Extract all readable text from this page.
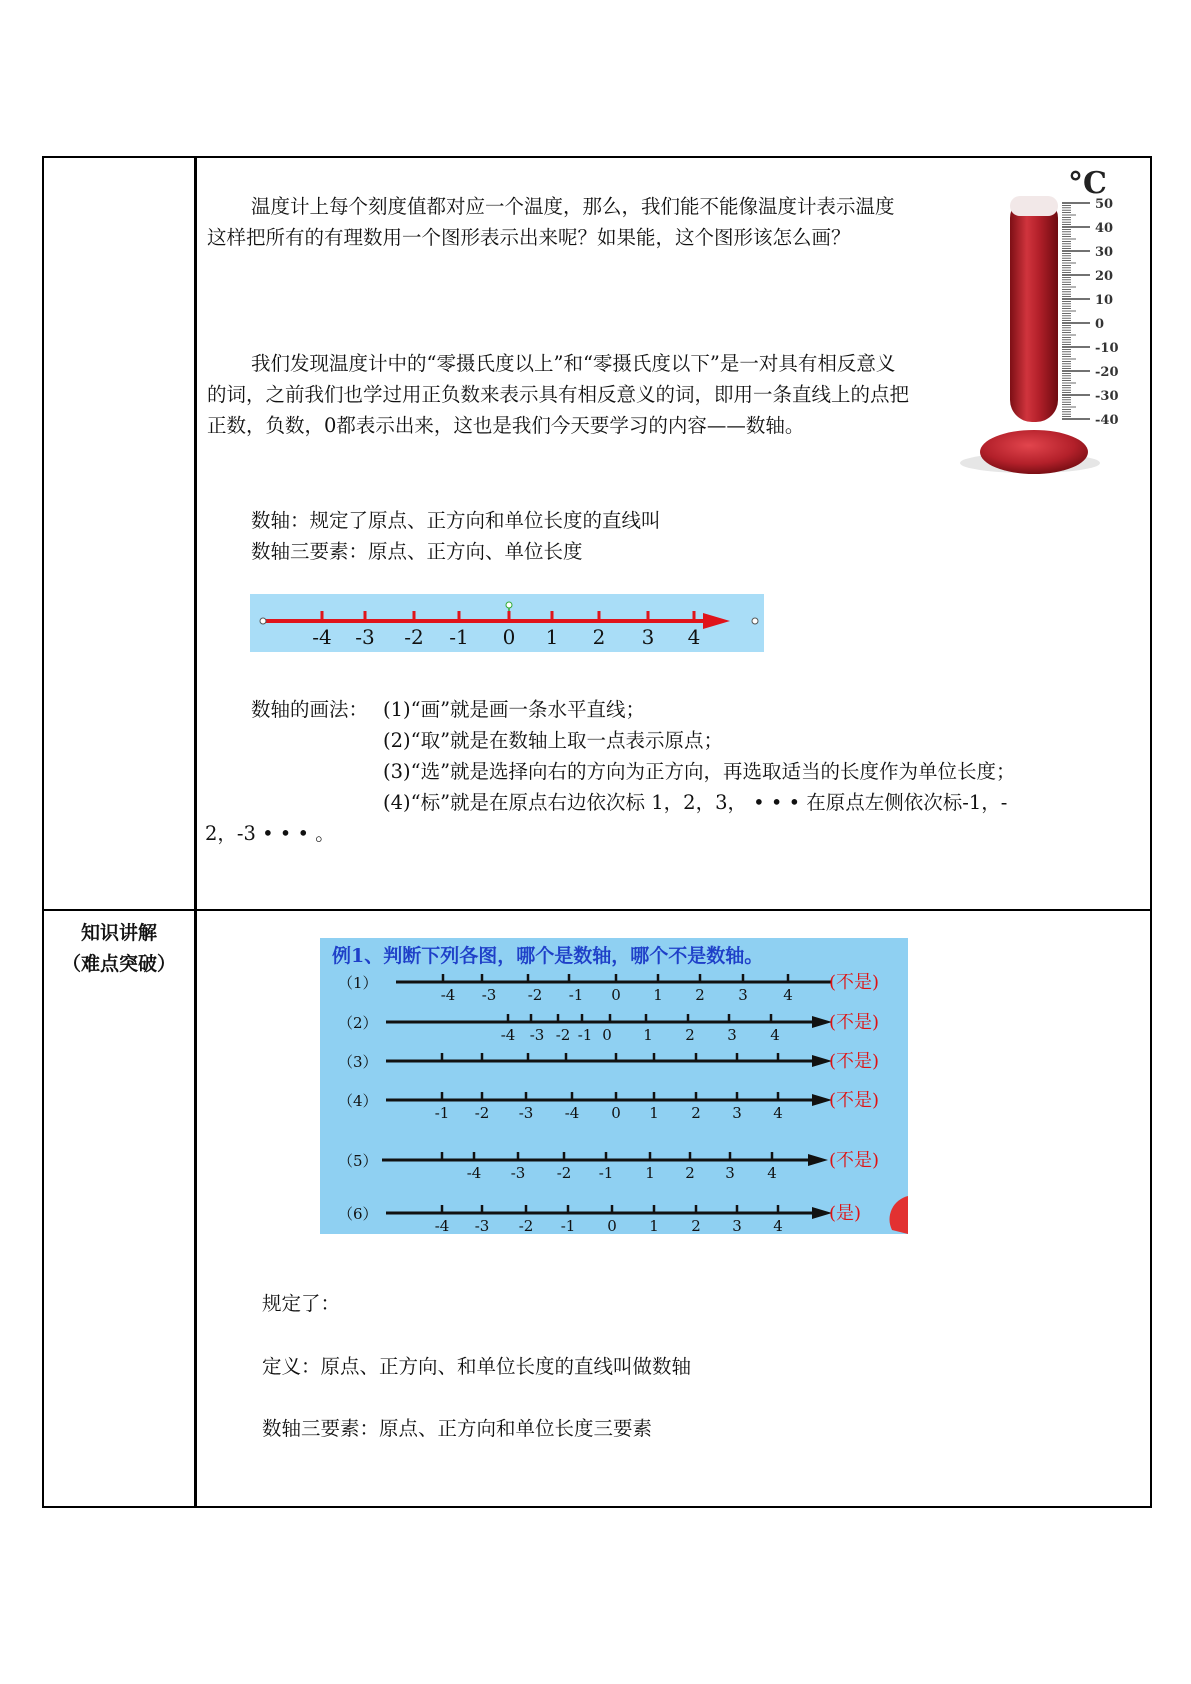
知识讲解
（难点突破）
温度计上每个刻度值都对应一个温度，那么，我们能不能像温度计表示温度这样把所有的有理数用一个图形表示出来呢？如果能，这个图形该怎么画？
我们发现温度计中的“零摄氏度以上”和“零摄氏度以下”是一对具有相反意义的词，之前我们也学过用正负数来表示具有相反意义的词，即用一条直线上的点把正数，负数，0都表示出来，这也是我们今天要学习的内容——数轴。
°C
50
40
30
20
10
0
-10
-20
-30
-40
数轴：规定了原点、正方向和单位长度的直线叫
数轴三要素：原点、正方向、单位长度
-4 -3 -2 -1 0 1 2 3 4
数轴的画法： (1)“画”就是画一条水平直线；
(2)“取”就是在数轴上取一点表示原点；
(3)“选”就是选择向右的方向为正方向，再选取适当的长度作为单位长度；
(4)“标”就是在原点右边依次标 1，2，3， • • • 在原点左侧依次标-1，-
2，-3 • • • 。
例1、判断下列各图，哪个是数轴，哪个不是数轴。
（1）
-4 -3 -2 -1 0 1 2 3 4
(不是)
（2）
-4 -3 -2 -1 0 1 2 3 4
(不是)
（3）	(不是)
（4）
-1 -2 -3 -4 0 1 2 3 4
(不是)
（5）
-4 -3 -2 -1 1 2 3 4
(不是)
（6）
-4 -3 -2 -1 0 1 2 3 4
(是)
规定了：
定义：原点、正方向、和单位长度的直线叫做数轴
数轴三要素：原点、正方向和单位长度三要素
